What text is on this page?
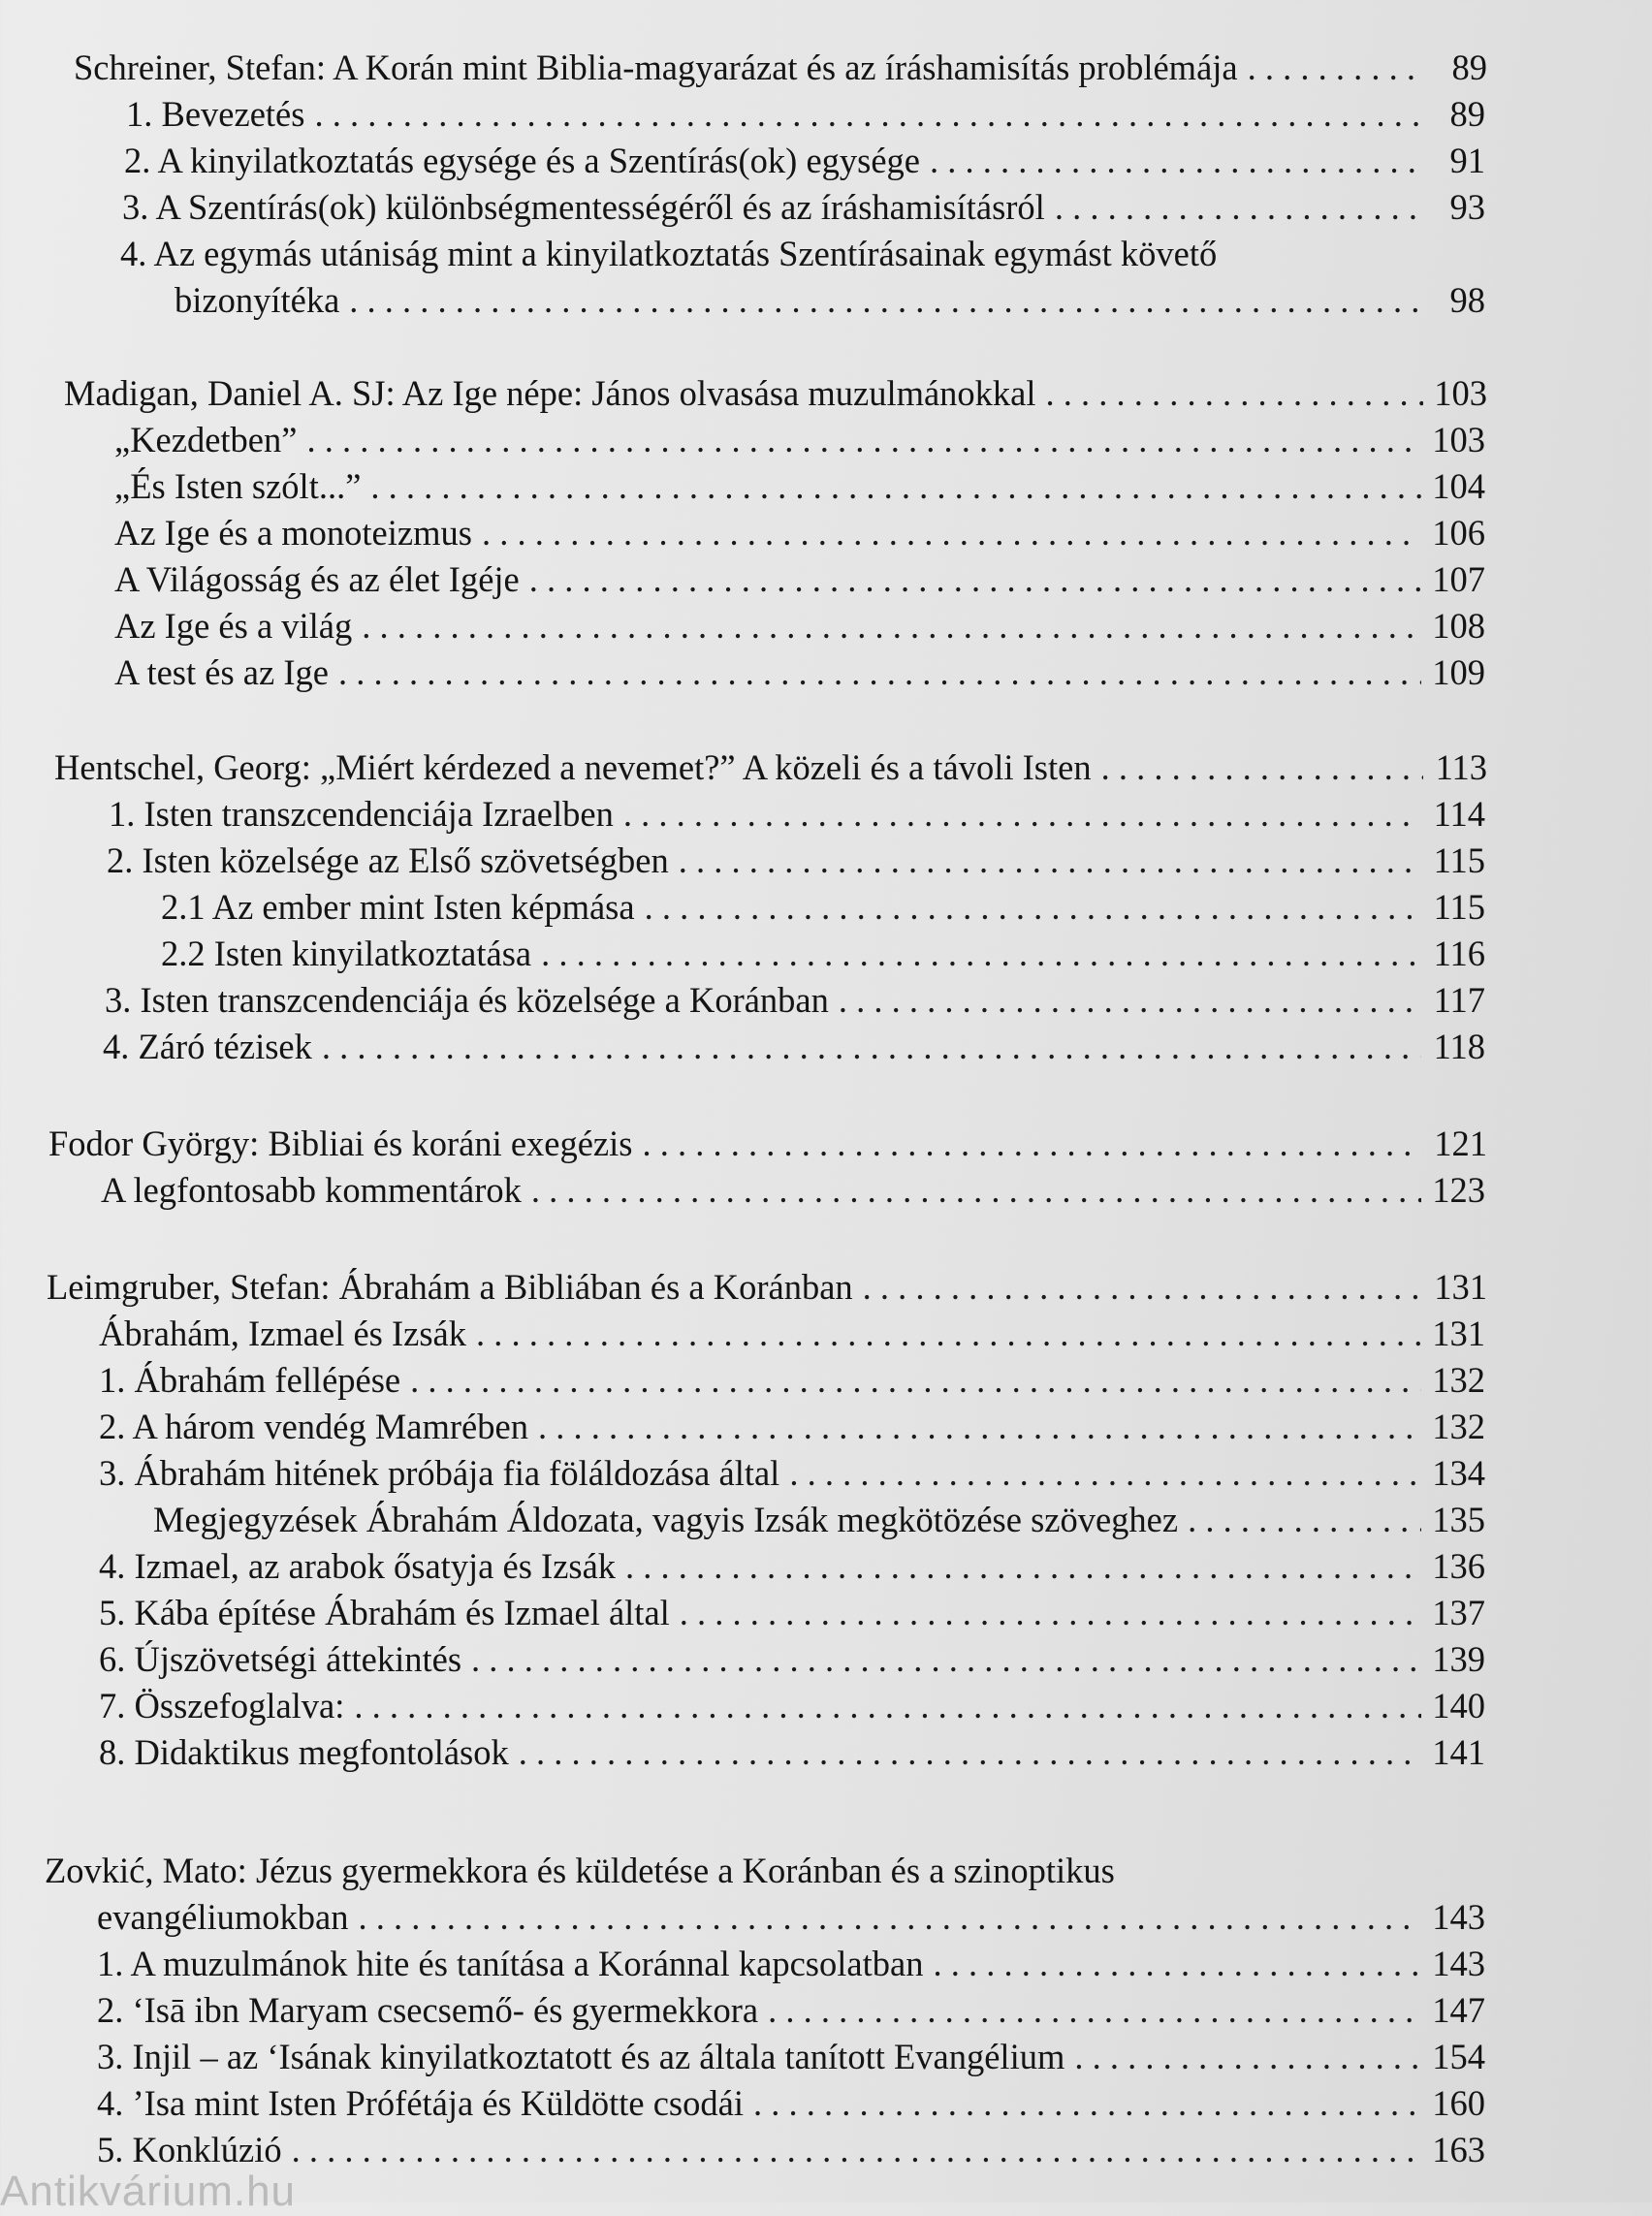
Schreiner, Stefan: A Korán mint Biblia-magyarázat és az íráshamisítás problémája . . .	89
1. Bevezetés . . .	89
2. A kinyilatkoztatás egysége és a Szentírás(ok) egysége . . .	91
3. A Szentírás(ok) különbségmentességéről és az íráshamisításról . . .	93
4. Az egymás utániság mint a kinyilatkoztatás Szentírásainak egymást követő
bizonyítéka . . .	98
Madigan, Daniel A. SJ: Az Ige népe: János olvasása muzulmánokkal . . .	103
„Kezdetben” . . .	103
„És Isten szólt...” . . .	104
Az Ige és a monoteizmus . . .	106
A Világosság és az élet Igéje . . .	107
Az Ige és a világ . . .	108
A test és az Ige . . .	109
Hentschel, Georg: „Miért kérdezed a nevemet?” A közeli és a távoli Isten . . .	113
1. Isten transzcendenciája Izraelben . . .	114
2. Isten közelsége az Első szövetségben . . .	115
2.1 Az ember mint Isten képmása . . .	115
2.2 Isten kinyilatkoztatása . . .	116
3. Isten transzcendenciája és közelsége a Koránban . . .	117
4. Záró tézisek . . .	118
Fodor György: Bibliai és koráni exegézis . . .	121
A legfontosabb kommentárok . . .	123
Leimgruber, Stefan: Ábrahám a Bibliában és a Koránban . . .	131
Ábrahám, Izmael és Izsák . . .	131
1. Ábrahám fellépése . . .	132
2. A három vendég Mamrében . . .	132
3. Ábrahám hitének próbája fia föláldozása által . . .	134
Megjegyzések Ábrahám Áldozata, vagyis Izsák megkötözése szöveghez . . .	135
4. Izmael, az arabok ősatyja és Izsák . . .	136
5. Kába építése Ábrahám és Izmael által . . .	137
6. Újszövetségi áttekintés . . .	139
7. Összefoglalva: . . .	140
8. Didaktikus megfontolások . . .	141
Zovkić, Mato: Jézus gyermekkora és küldetése a Koránban és a szinoptikus
evangéliumokban . . .	143
1. A muzulmánok hite és tanítása a Koránnal kapcsolatban . . .	143
2. ‘Isā ibn Maryam csecsemő- és gyermekkora . . .	147
3. Injil – az ‘Isának kinyilatkoztatott és az általa tanított Evangélium . . .	154
4. ’Isa mint Isten Prófétája és Küldötte csodái . . .	160
5. Konklúzió . . .	163
Antikvárium.hu
